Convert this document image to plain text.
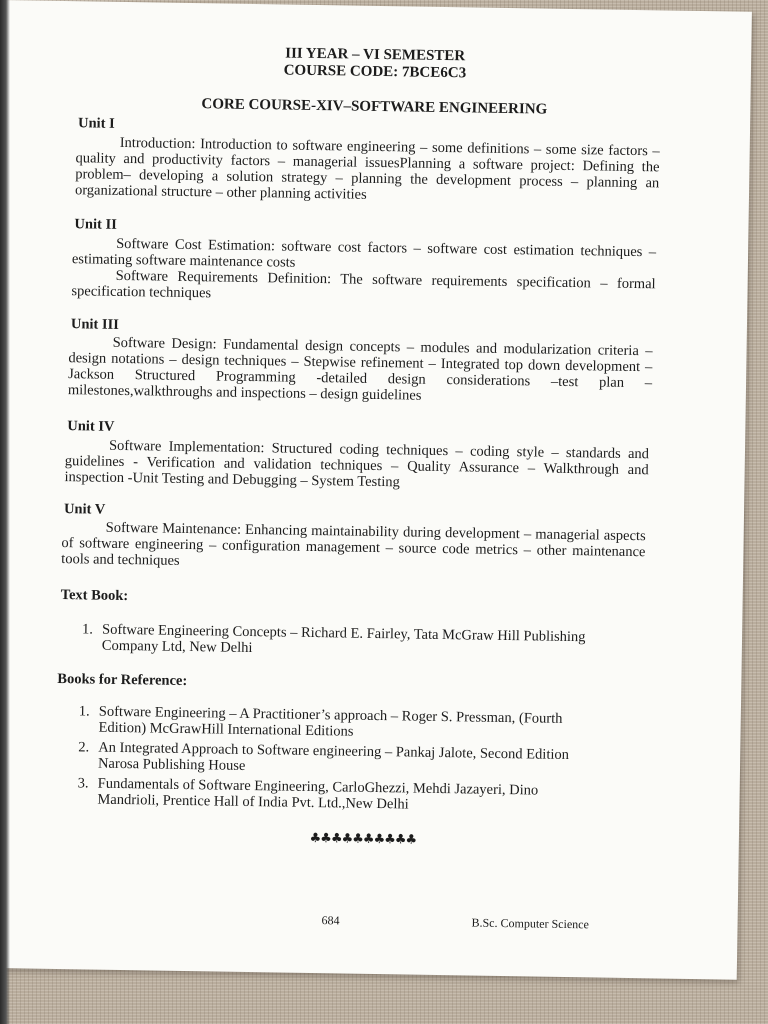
III YEAR – VI SEMESTER
COURSE CODE: 7BCE6C3
CORE COURSE-XIV–SOFTWARE ENGINEERING
Unit I

Introduction: Introduction to software engineering – some definitions – some size factors –quality and productivity factors – managerial issuesPlanning a software project: Defining the problem– developing a solution strategy – planning the development process – planning an organizational structure – other planning activities

Unit II

Software Cost Estimation: software cost factors – software cost estimation techniques –estimating software maintenance costs

Software Requirements Definition: The software requirements specification – formal specification techniques

Unit III

Software Design: Fundamental design concepts – modules and modularization criteria – design notations – design techniques – Stepwise refinement – Integrated top down development – Jackson Structured Programming -detailed design considerations –test plan – milestones,walkthroughs and inspections – design guidelines

Unit IV

Software Implementation: Structured coding techniques – coding style – standards and guidelines - Verification and validation techniques – Quality Assurance – Walkthrough and inspection -Unit Testing and Debugging – System Testing

Unit V

Software Maintenance: Enhancing maintainability during development – managerial aspects of software engineering – configuration management – source code metrics – other maintenance tools and techniques

Text Book:
1. Software Engineering Concepts – Richard E. Fairley, Tata McGraw Hill Publishing Company Ltd, New Delhi
Books for Reference:
1. Software Engineering – A Practitioner’s approach – Roger S. Pressman, (Fourth Edition) McGrawHill International Editions
2. An Integrated Approach to Software engineering – Pankaj Jalote, Second Edition Narosa Publishing House
3. Fundamentals of Software Engineering, CarloGhezzi, Mehdi Jazayeri, Dino Mandrioli, Prentice Hall of India Pvt. Ltd.,New Delhi
♣♣♣♣♣♣♣♣♣♣
684	B.Sc. Computer Science
